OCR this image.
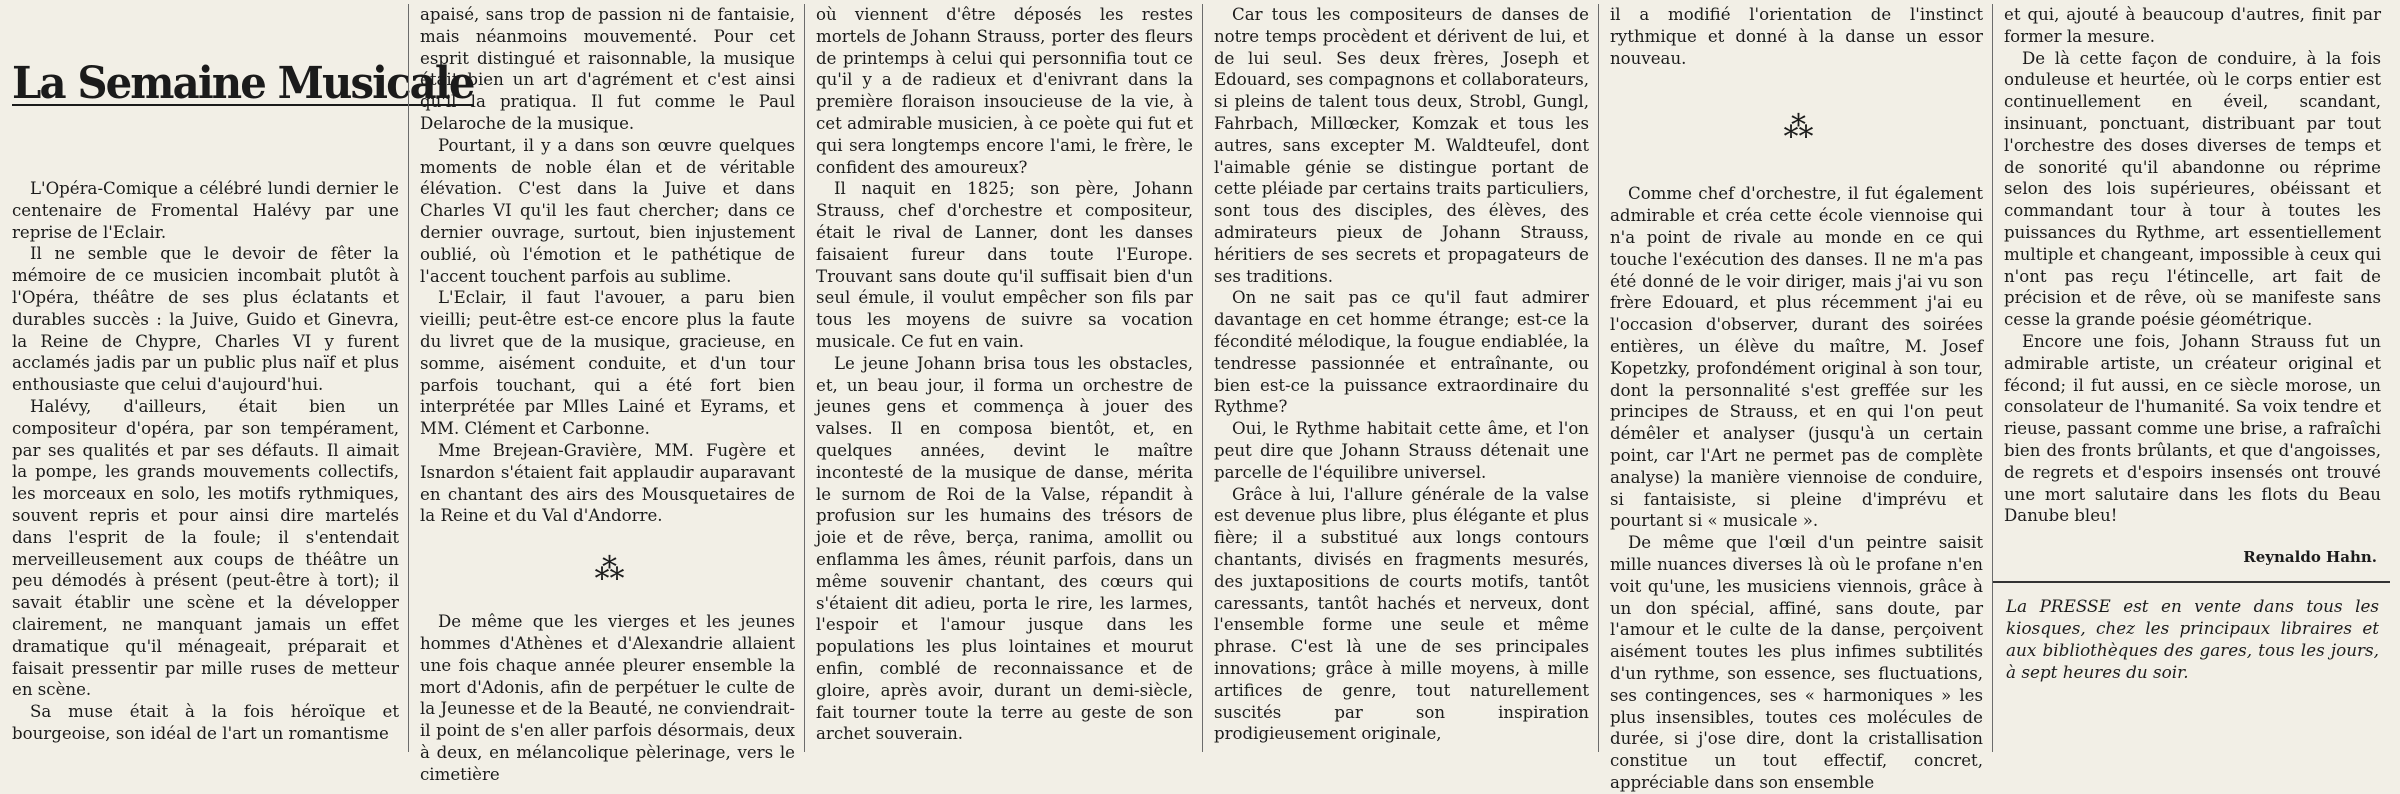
La Semaine Musicale

L'Opéra-Comique a célébré lundi dernier le centenaire de Fromental Halévy par une reprise de l'Eclair.

Il ne semble que le devoir de fêter la mémoire de ce musicien incombait plutôt à l'Opéra, théâtre de ses plus éclatants et durables succès : la Juive, Guido et Ginevra, la Reine de Chypre, Charles VI y furent acclamés jadis par un public plus naïf et plus enthousiaste que celui d'aujourd'hui.

Halévy, d'ailleurs, était bien un compositeur d'opéra, par son tempérament, par ses qualités et par ses défauts. Il aimait la pompe, les grands mouvements collectifs, les morceaux en solo, les motifs rythmiques, souvent repris et pour ainsi dire martelés dans l'esprit de la foule; il s'entendait merveilleusement aux coups de théâtre un peu démodés à présent (peut-être à tort); il savait établir une scène et la développer clairement, ne manquant jamais un effet dramatique qu'il ménageait, préparait et faisait pressentir par mille ruses de metteur en scène.

Sa muse était à la fois héroïque et bourgeoise, son idéal de l'art un romantisme

apaisé, sans trop de passion ni de fantaisie, mais néanmoins mouvementé. Pour cet esprit distingué et raisonnable, la musique était bien un art d'agrément et c'est ainsi qu'il la pratiqua. Il fut comme le Paul Delaroche de la musique.

Pourtant, il y a dans son œuvre quelques moments de noble élan et de véritable élévation. C'est dans la Juive et dans Charles VI qu'il les faut chercher; dans ce dernier ouvrage, surtout, bien injustement oublié, où l'émotion et le pathétique de l'accent touchent parfois au sublime.

L'Eclair, il faut l'avouer, a paru bien vieilli; peut-être est-ce encore plus la faute du livret que de la musique, gracieuse, en somme, aisément conduite, et d'un tour parfois touchant, qui a été fort bien interprétée par Mlles Lainé et Eyrams, et MM. Clément et Carbonne.

Mme Brejean-Gravière, MM. Fugère et Isnardon s'étaient fait applaudir auparavant en chantant des airs des Mousquetaires de la Reine et du Val d'Andorre.

⁂

De même que les vierges et les jeunes hommes d'Athènes et d'Alexandrie allaient une fois chaque année pleurer ensemble la mort d'Adonis, afin de perpétuer le culte de la Jeunesse et de la Beauté, ne conviendrait-il point de s'en aller parfois désormais, deux à deux, en mélancolique pèlerinage, vers le cimetière

où viennent d'être déposés les restes mortels de Johann Strauss, porter des fleurs de printemps à celui qui personnifia tout ce qu'il y a de radieux et d'enivrant dans la première floraison insoucieuse de la vie, à cet admirable musicien, à ce poète qui fut et qui sera longtemps encore l'ami, le frère, le confident des amoureux?

Il naquit en 1825; son père, Johann Strauss, chef d'orchestre et compositeur, était le rival de Lanner, dont les danses faisaient fureur dans toute l'Europe. Trouvant sans doute qu'il suffisait bien d'un seul émule, il voulut empêcher son fils par tous les moyens de suivre sa vocation musicale. Ce fut en vain.

Le jeune Johann brisa tous les obstacles, et, un beau jour, il forma un orchestre de jeunes gens et commença à jouer des valses. Il en composa bientôt, et, en quelques années, devint le maître incontesté de la musique de danse, mérita le surnom de Roi de la Valse, répandit à profusion sur les humains des trésors de joie et de rêve, berça, ranima, amollit ou enflamma les âmes, réunit parfois, dans un même souvenir chantant, des cœurs qui s'étaient dit adieu, porta le rire, les larmes, l'espoir et l'amour jusque dans les populations les plus lointaines et mourut enfin, comblé de reconnaissance et de gloire, après avoir, durant un demi-siècle, fait tourner toute la terre au geste de son archet souverain.

Car tous les compositeurs de danses de notre temps procèdent et dérivent de lui, et de lui seul. Ses deux frères, Joseph et Edouard, ses compagnons et collaborateurs, si pleins de talent tous deux, Strobl, Gungl, Fahrbach, Millœcker, Komzak et tous les autres, sans excepter M. Waldteufel, dont l'aimable génie se distingue portant de cette pléiade par certains traits particuliers, sont tous des disciples, des élèves, des admirateurs pieux de Johann Strauss, héritiers de ses secrets et propagateurs de ses traditions.

On ne sait pas ce qu'il faut admirer davantage en cet homme étrange; est-ce la fécondité mélodique, la fougue endiablée, la tendresse passionnée et entraînante, ou bien est-ce la puissance extraordinaire du Rythme?

Oui, le Rythme habitait cette âme, et l'on peut dire que Johann Strauss détenait une parcelle de l'équilibre universel.

Grâce à lui, l'allure générale de la valse est devenue plus libre, plus élégante et plus fière; il a substitué aux longs contours chantants, divisés en fragments mesurés, des juxtapositions de courts motifs, tantôt caressants, tantôt hachés et nerveux, dont l'ensemble forme une seule et même phrase. C'est là une de ses principales innovations; grâce à mille moyens, à mille artifices de genre, tout naturellement suscités par son inspiration prodigieusement originale,

il a modifié l'orientation de l'instinct rythmique et donné à la danse un essor nouveau.

⁂

Comme chef d'orchestre, il fut également admirable et créa cette école viennoise qui n'a point de rivale au monde en ce qui touche l'exécution des danses. Il ne m'a pas été donné de le voir diriger, mais j'ai vu son frère Edouard, et plus récemment j'ai eu l'occasion d'observer, durant des soirées entières, un élève du maître, M. Josef Kopetzky, profondément original à son tour, dont la personnalité s'est greffée sur les principes de Strauss, et en qui l'on peut démêler et analyser (jusqu'à un certain point, car l'Art ne permet pas de complète analyse) la manière viennoise de conduire, si fantaisiste, si pleine d'imprévu et pourtant si « musicale ».

De même que l'œil d'un peintre saisit mille nuances diverses là où le profane n'en voit qu'une, les musiciens viennois, grâce à un don spécial, affiné, sans doute, par l'amour et le culte de la danse, perçoivent aisément toutes les plus infimes subtilités d'un rythme, son essence, ses fluctuations, ses contingences, ses « harmoniques » les plus insensibles, toutes ces molécules de durée, si j'ose dire, dont la cristallisation constitue un tout effectif, concret, appréciable dans son ensemble

et qui, ajouté à beaucoup d'autres, finit par former la mesure.

De là cette façon de conduire, à la fois onduleuse et heurtée, où le corps entier est continuellement en éveil, scandant, insinuant, ponctuant, distribuant par tout l'orchestre des doses diverses de temps et de sonorité qu'il abandonne ou réprime selon des lois supérieures, obéissant et commandant tour à tour à toutes les puissances du Rythme, art essentiellement multiple et changeant, impossible à ceux qui n'ont pas reçu l'étincelle, art fait de précision et de rêve, où se manifeste sans cesse la grande poésie géométrique.

Encore une fois, Johann Strauss fut un admirable artiste, un créateur original et fécond; il fut aussi, en ce siècle morose, un consolateur de l'humanité. Sa voix tendre et rieuse, passant comme une brise, a rafraîchi bien des fronts brûlants, et que d'angoisses, de regrets et d'espoirs insensés ont trouvé une mort salutaire dans les flots du Beau Danube bleu!

Reynaldo Hahn.
La PRESSE est en vente dans tous les kiosques, chez les principaux libraires et aux bibliothèques des gares, tous les jours, à sept heures du soir.
